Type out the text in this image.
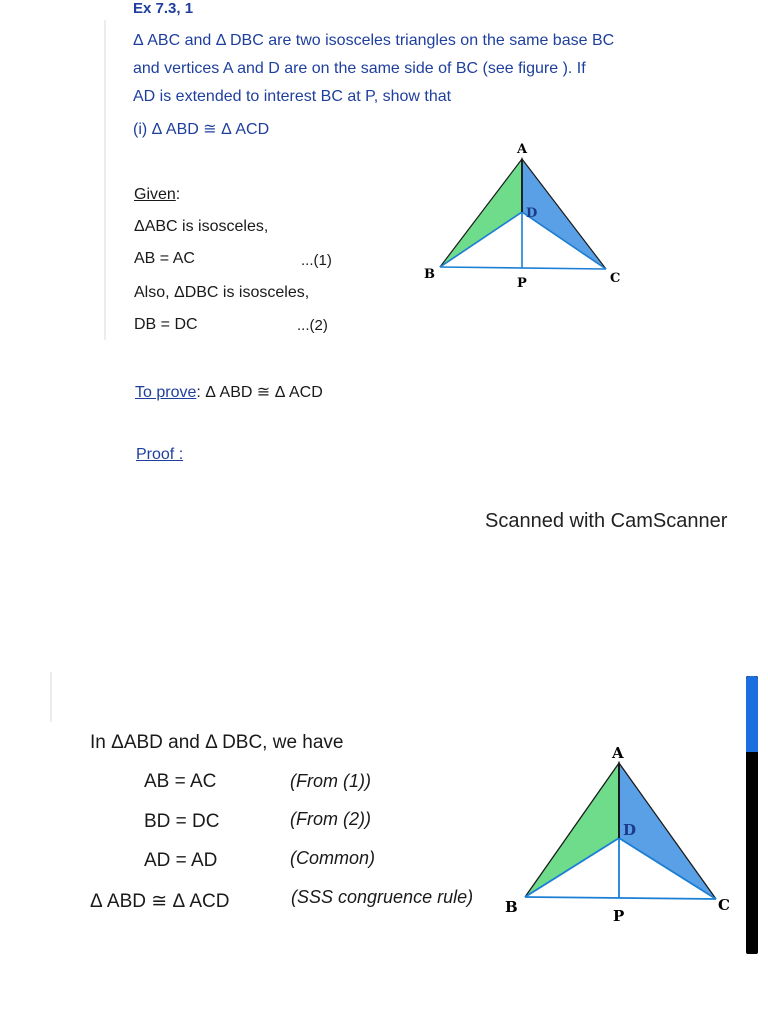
Ex 7.3, 1
Δ ABC and Δ DBC are two isosceles triangles on the same base BC
and vertices A and D are on the same side of BC (see figure ). If
AD is extended to interest BC at P, show that
(i) Δ ABD ≅ Δ ACD
Given:
ΔABC is isosceles,
AB = AC	...(1)
Also, ΔDBC is isosceles,
DB = DC	...(2)
To prove: Δ ABD ≅ Δ ACD
Proof :
Scanned with CamScanner
A
B	C
D
P
In ΔABD and Δ DBC, we have
AB = AC	(From (1))
BD = DC	(From (2))
AD = AD	(Common)
Δ ABD ≅ Δ ACD	(SSS congruence rule)
A
B	C
D
P
